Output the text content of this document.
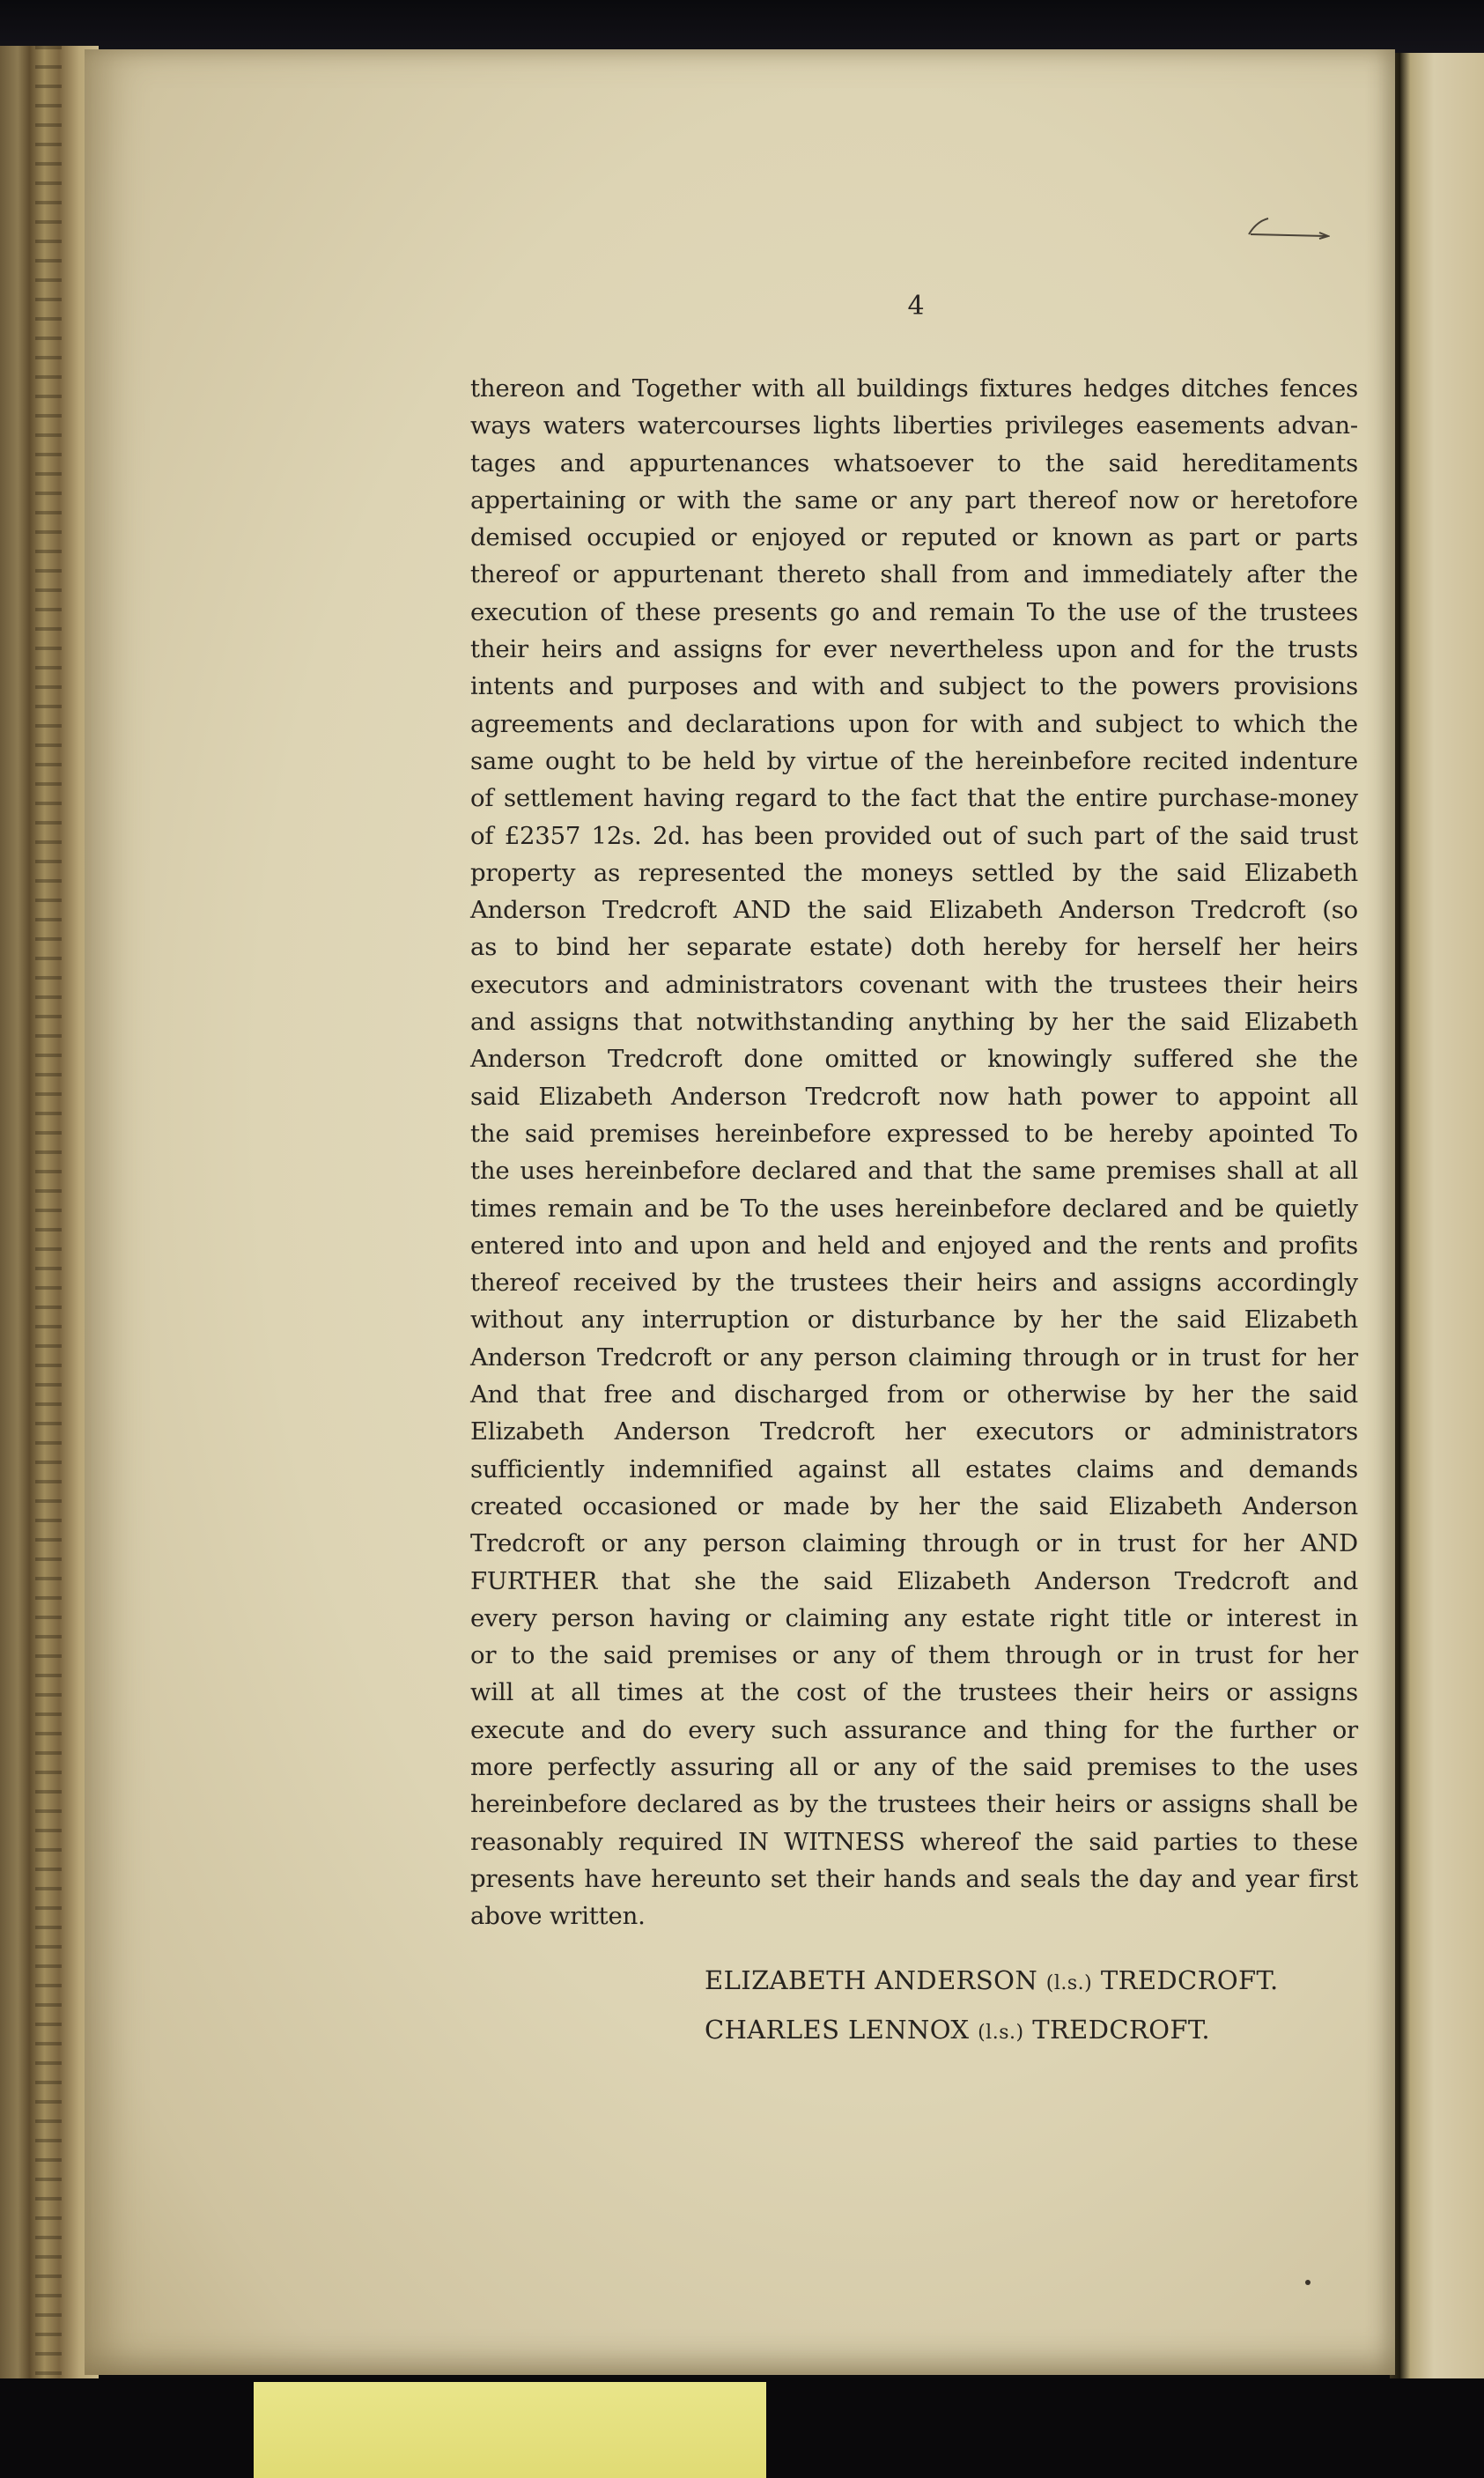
4
thereon and Together with all buildings fixtures hedges ditches fences
ways waters watercourses lights liberties privileges easements advan-
tages and appurtenances whatsoever to the said hereditaments
appertaining or with the same or any part thereof now or heretofore
demised occupied or enjoyed or reputed or known as part or parts
thereof or appurtenant thereto shall from and immediately after the
execution of these presents go and remain To the use of the trustees
their heirs and assigns for ever nevertheless upon and for the trusts
intents and purposes and with and subject to the powers provisions
agreements and declarations upon for with and subject to which the
same ought to be held by virtue of the hereinbefore recited indenture
of settlement having regard to the fact that the entire purchase-money
of £2357 12s. 2d. has been provided out of such part of the said trust
property as represented the moneys settled by the said Elizabeth
Anderson Tredcroft AND the said Elizabeth Anderson Tredcroft (so
as to bind her separate estate) doth hereby for herself her heirs
executors and administrators covenant with the trustees their heirs
and assigns that notwithstanding anything by her the said Elizabeth
Anderson Tredcroft done omitted or knowingly suffered she the
said Elizabeth Anderson Tredcroft now hath power to appoint all
the said premises hereinbefore expressed to be hereby apointed To
the uses hereinbefore declared and that the same premises shall at all
times remain and be To the uses hereinbefore declared and be quietly
entered into and upon and held and enjoyed and the rents and profits
thereof received by the trustees their heirs and assigns accordingly
without any interruption or disturbance by her the said Elizabeth
Anderson Tredcroft or any person claiming through or in trust for her
And that free and discharged from or otherwise by her the said
Elizabeth Anderson Tredcroft her executors or administrators
sufficiently indemnified against all estates claims and demands
created occasioned or made by her the said Elizabeth Anderson
Tredcroft or any person claiming through or in trust for her AND
FURTHER that she the said Elizabeth Anderson Tredcroft and
every person having or claiming any estate right title or interest in
or to the said premises or any of them through or in trust for her
will at all times at the cost of the trustees their heirs or assigns
execute and do every such assurance and thing for the further or
more perfectly assuring all or any of the said premises to the uses
hereinbefore declared as by the trustees their heirs or assigns shall be
reasonably required IN WITNESS whereof the said parties to these
presents have hereunto set their hands and seals the day and year first
above written.
ELIZABETH ANDERSON (l.s.) TREDCROFT.
CHARLES LENNOX (l.s.) TREDCROFT.
